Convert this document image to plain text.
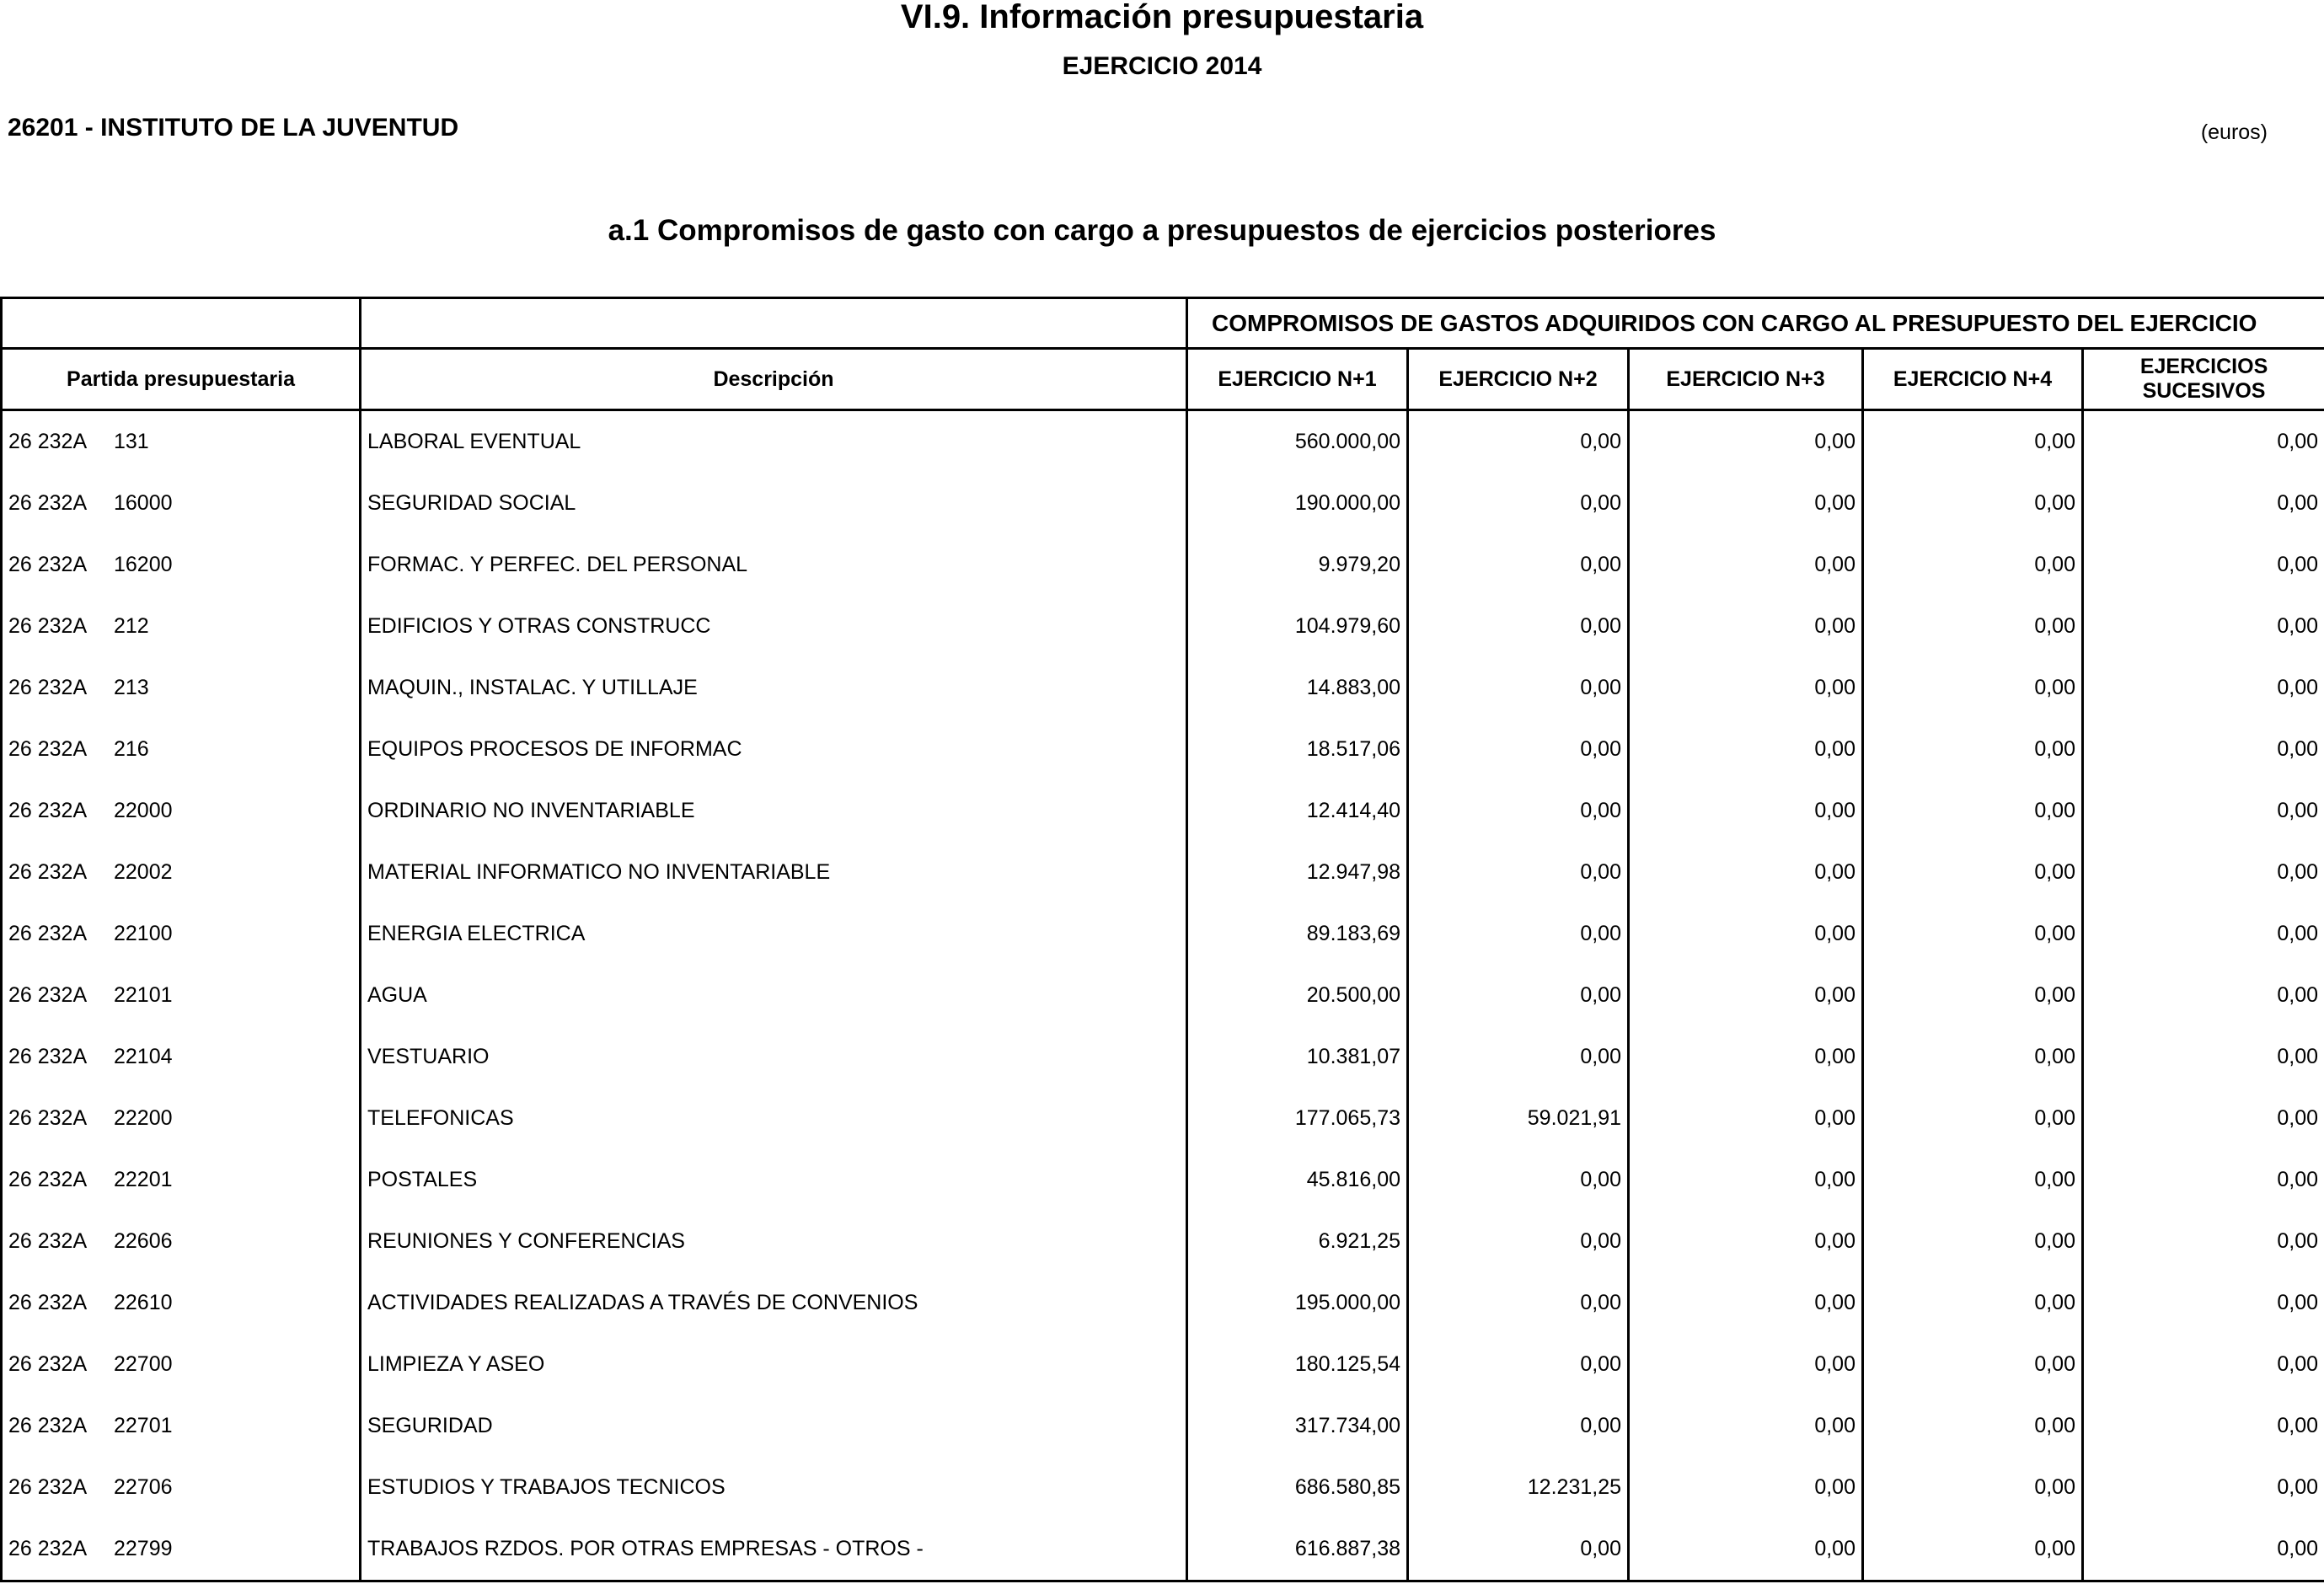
VI.9. Información presupuestaria
EJERCICIO 2014
26201 - INSTITUTO DE LA JUVENTUD	(euros)
a.1 Compromisos de gasto con cargo a presupuestos de ejercicios posteriores
		COMPROMISOS DE GASTOS ADQUIRIDOS CON CARGO AL PRESUPUESTO DEL EJERCICIO				
Partida presupuestaria	Descripción	EJERCICIO N+1	EJERCICIO N+2	EJERCICIO N+3	EJERCICIO N+4	EJERCICIOS
SUCESIVOS

26 232A 131	LABORAL EVENTUAL	560.000,00	0,00	0,00	0,00	0,00
26 232A 16000	SEGURIDAD SOCIAL	190.000,00	0,00	0,00	0,00	0,00
26 232A 16200	FORMAC. Y PERFEC. DEL PERSONAL	9.979,20	0,00	0,00	0,00	0,00
26 232A 212	EDIFICIOS Y OTRAS CONSTRUCC	104.979,60	0,00	0,00	0,00	0,00
26 232A 213	MAQUIN., INSTALAC. Y UTILLAJE	14.883,00	0,00	0,00	0,00	0,00
26 232A 216	EQUIPOS PROCESOS DE INFORMAC	18.517,06	0,00	0,00	0,00	0,00
26 232A 22000	ORDINARIO NO INVENTARIABLE	12.414,40	0,00	0,00	0,00	0,00
26 232A 22002	MATERIAL INFORMATICO NO INVENTARIABLE	12.947,98	0,00	0,00	0,00	0,00
26 232A 22100	ENERGIA ELECTRICA	89.183,69	0,00	0,00	0,00	0,00
26 232A 22101	AGUA	20.500,00	0,00	0,00	0,00	0,00
26 232A 22104	VESTUARIO	10.381,07	0,00	0,00	0,00	0,00
26 232A 22200	TELEFONICAS	177.065,73	59.021,91	0,00	0,00	0,00
26 232A 22201	POSTALES	45.816,00	0,00	0,00	0,00	0,00
26 232A 22606	REUNIONES Y CONFERENCIAS	6.921,25	0,00	0,00	0,00	0,00
26 232A 22610	ACTIVIDADES REALIZADAS A TRAVÉS DE CONVENIOS	195.000,00	0,00	0,00	0,00	0,00
26 232A 22700	LIMPIEZA Y ASEO	180.125,54	0,00	0,00	0,00	0,00
26 232A 22701	SEGURIDAD	317.734,00	0,00	0,00	0,00	0,00
26 232A 22706	ESTUDIOS Y TRABAJOS TECNICOS	686.580,85	12.231,25	0,00	0,00	0,00
26 232A 22799	TRABAJOS RZDOS. POR OTRAS EMPRESAS - OTROS -	616.887,38	0,00	0,00	0,00	0,00
